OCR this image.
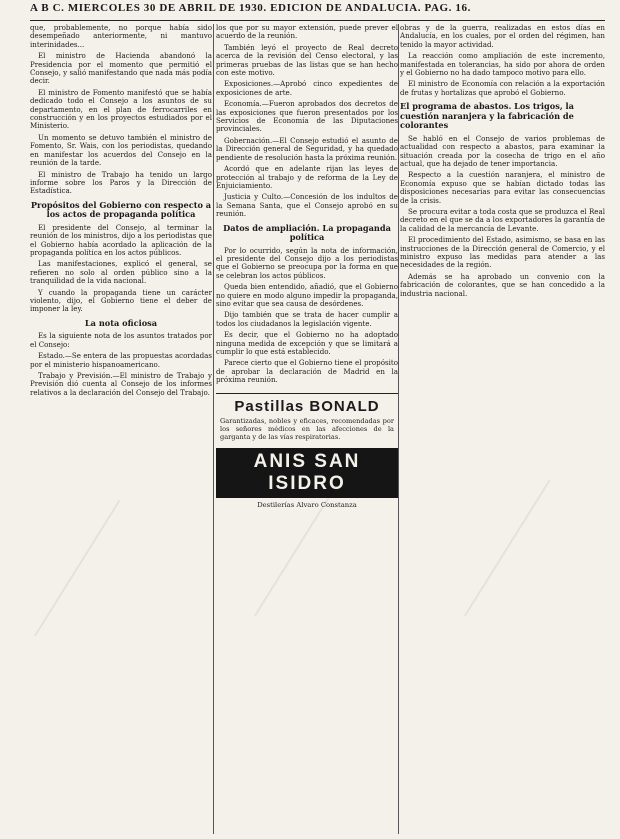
A B C. MIERCOLES 30 DE ABRIL DE 1930. EDICION DE ANDALUCIA. PAG. 16.

que, probablemente, no porque había sido desempeñado anteriormente, ni mantuvo interinidades...

El ministro de Hacienda abandonó la Presidencia por el momento que permitió el Consejo, y salió manifestando que nada más podía decir.

El ministro de Fomento manifestó que se había dedicado todo el Consejo a los asuntos de su departamento, en el plan de ferrocarriles en construcción y en los proyectos estudiados por el Ministerio.

Un momento se detuvo también el ministro de Fomento, Sr. Wais, con los periodistas, quedando en manifestar los acuerdos del Consejo en la reunión de la tarde.

El ministro de Trabajo ha tenido un largo informe sobre los Paros y la Dirección de Estadística.

Propósitos del Gobierno con respecto a los actos de propaganda política

El presidente del Consejo, al terminar la reunión de los ministros, dijo a los periodistas que el Gobierno había acordado la aplicación de la propaganda política en los actos públicos.

Las manifestaciones, explicó el general, se refieren no solo al orden público sino a la tranquilidad de la vida nacional.

Y cuando la propaganda tiene un carácter violento, dijo, el Gobierno tiene el deber de imponer la ley.

La nota oficiosa

Es la siguiente nota de los asuntos tratados por el Consejo:

Estado.—Se entera de las propuestas acordadas por el ministerio hispanoamericano.

Trabajo y Previsión.—El ministro de Trabajo y Previsión dió cuenta al Consejo de los informes relativos a la declaración del Consejo del Trabajo.

los que por su mayor extensión, puede prever el acuerdo de la reunión.

También leyó el proyecto de Real decreto acerca de la revisión del Censo electoral, y las primeras pruebas de las listas que se han hecho con este motivo.

Exposiciones.—Aprobó cinco expedientes de exposiciones de arte.

Economía.—Fueron aprobados dos decretos de las exposiciones que fueron presentados por los Servicios de Economía de las Diputaciones provinciales.

Gobernación.—El Consejo estudió el asunto de la Dirección general de Seguridad, y ha quedado pendiente de resolución hasta la próxima reunión.

Acordó que en adelante rijan las leyes de protección al trabajo y de reforma de la Ley de Enjuiciamiento.

Justicia y Culto.—Concesión de los indultos de la Semana Santa, que el Consejo aprobó en su reunión.

Datos de ampliación. La propaganda política

Por lo ocurrido, según la nota de información, el presidente del Consejo dijo a los periodistas que el Gobierno se preocupa por la forma en que se celebran los actos públicos.

Queda bien entendido, añadió, que el Gobierno no quiere en modo alguno impedir la propaganda, sino evitar que sea causa de desórdenes.

Dijo también que se trata de hacer cumplir a todos los ciudadanos la legislación vigente.

Es decir, que el Gobierno no ha adoptado ninguna medida de excepción y que se limitará a cumplir lo que está establecido.

Parece cierto que el Gobierno tiene el propósito de aprobar la declaración de Madrid en la próxima reunión.

Pastillas BONALD
Garantizadas, nobles y eficaces, recomendadas por los señores médicos en las afecciones de la garganta y de las vías respiratorias.
ANIS SAN ISIDRO
Destilerías Alvaro Constanza

obras y de la guerra, realizadas en estos días en Andalucía, en los cuales, por el orden del régimen, han tenido la mayor actividad.

La reacción como ampliación de este incremento, manifestada en tolerancias, ha sido por ahora de orden y el Gobierno no ha dado tampoco motivo para ello.

El ministro de Economía con relación a la exportación de frutas y hortalizas que aprobó el Gobierno.

El programa de abastos. Los trigos, la cuestión naranjera y la fabricación de colorantes

Se habló en el Consejo de varios problemas de actualidad con respecto a abastos, para examinar la situación creada por la cosecha de trigo en el año actual, que ha dejado de tener importancia.

Respecto a la cuestión naranjera, el ministro de Economía expuso que se habían dictado todas las disposiciones necesarias para evitar las consecuencias de la crisis.

Se procura evitar a toda costa que se produzca el Real decreto en el que se da a los exportadores la garantía de la calidad de la mercancía de Levante.

El procedimiento del Estado, asimismo, se basa en las instrucciones de la Dirección general de Comercio, y el ministro expuso las medidas para atender a las necesidades de la región.

Además se ha aprobado un convenio con la fabricación de colorantes, que se han concedido a la industria nacional.
